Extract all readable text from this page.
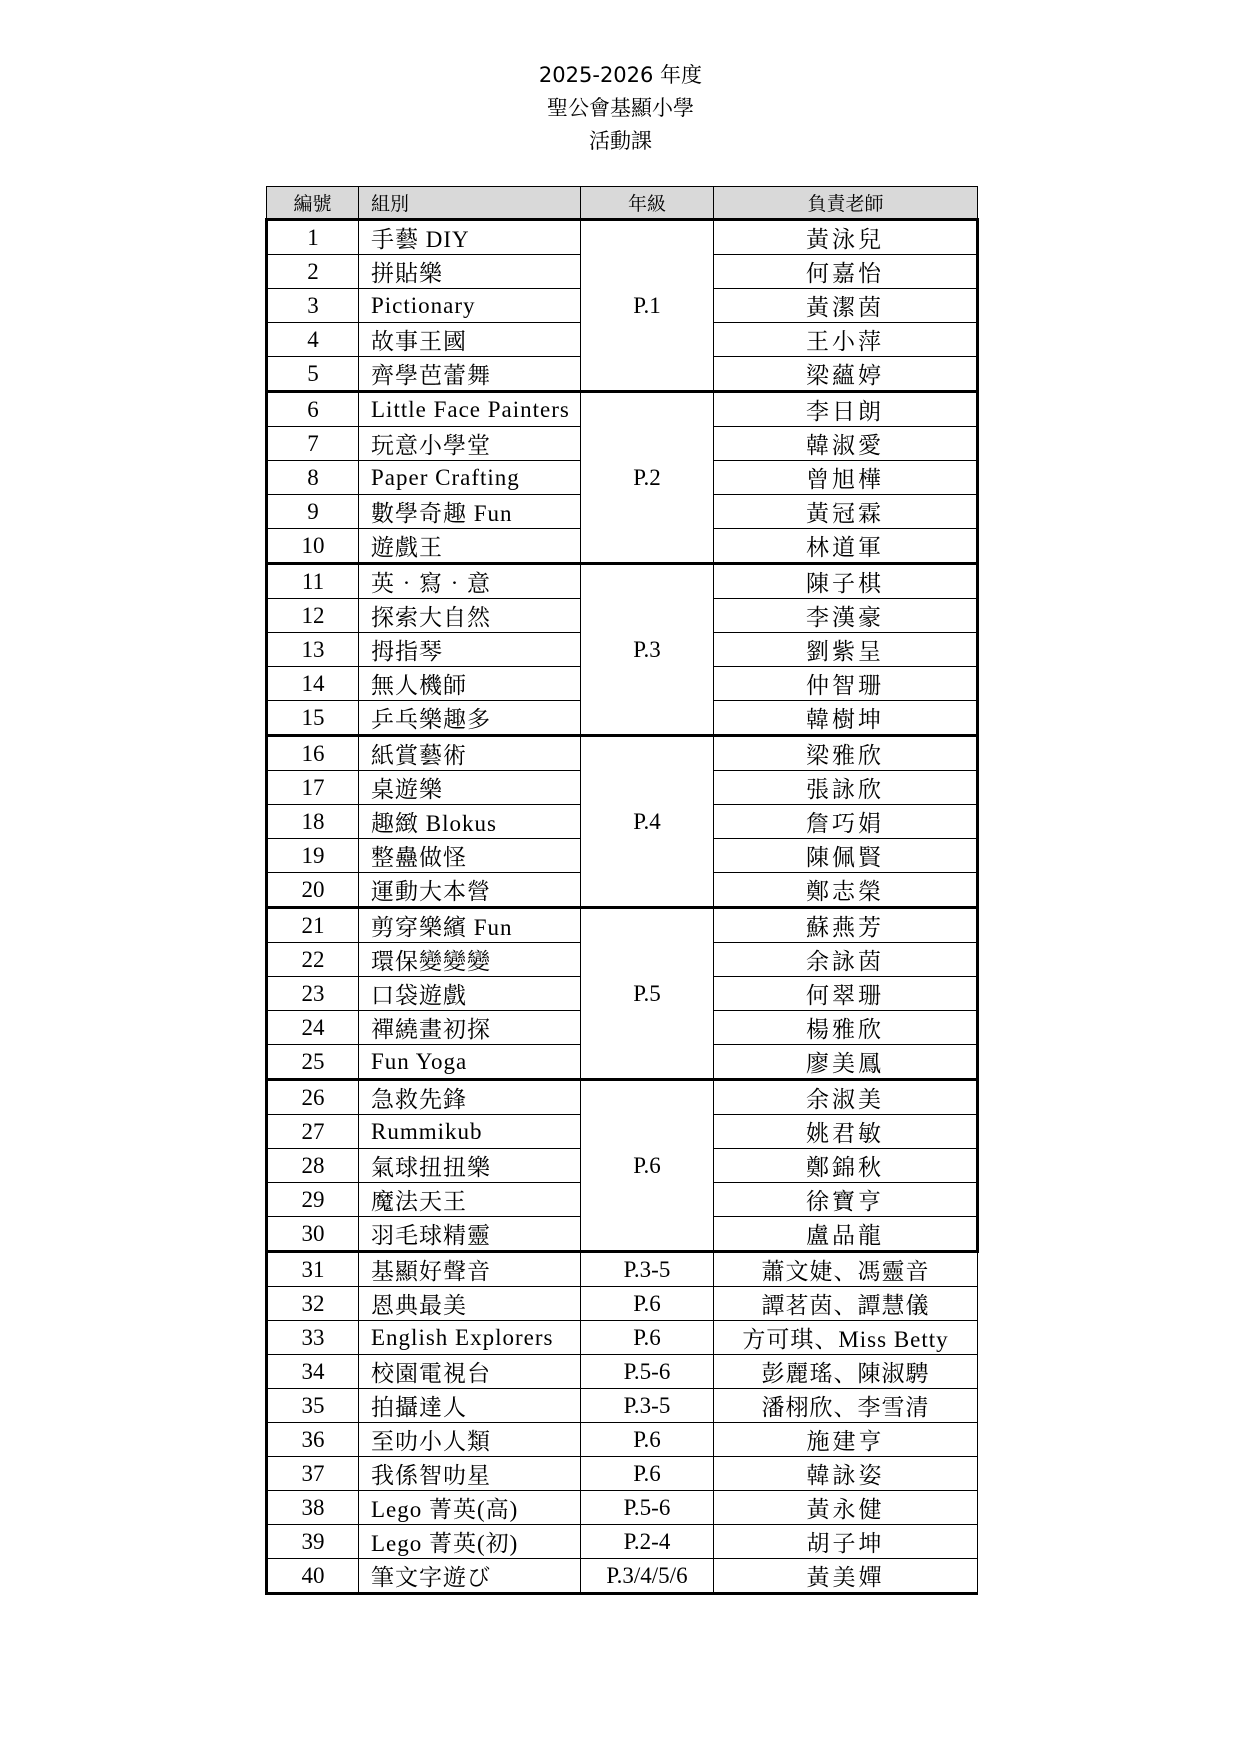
2025-2026 年度
聖公會基顯小學
活動課
編號	組別	年級	負責老師
1	手藝 DIY	P.1	黃泳兒
2	拼貼樂		何嘉怡
3	Pictionary		黃潔茵
4	故事王國		王小萍
5	齊學芭蕾舞		梁蘊婷
6	Little Face Painters	P.2	李日朗
7	玩意小學堂		韓淑愛
8	Paper Crafting		曾旭樺
9	數學奇趣 Fun		黃冠霖
10	遊戲王		林道軍
11	英‧寫‧意	P.3	陳子棋
12	探索大自然		李漢豪
13	拇指琴		劉紫呈
14	無人機師		仲智珊
15	乒乓樂趣多		韓樹坤
16	紙賞藝術	P.4	梁雅欣
17	桌遊樂		張詠欣
18	趣緻 Blokus		詹巧娟
19	整蠱做怪		陳佩賢
20	運動大本營		鄭志榮
21	剪穿樂繽 Fun	P.5	蘇燕芳
22	環保變變變		余詠茵
23	口袋遊戲		何翠珊
24	禪繞畫初探		楊雅欣
25	Fun Yoga		廖美鳳
26	急救先鋒	P.6	余淑美
27	Rummikub		姚君敏
28	氣球扭扭樂		鄭錦秋
29	魔法天王		徐寶亨
30	羽毛球精靈		盧品龍
31	基顯好聲音	P.3-5	蕭文婕、馮靈音
32	恩典最美	P.6	譚茗茵、譚慧儀
33	English Explorers	P.6	方可琪、Miss Betty
34	校園電視台	P.5-6	彭麗瑤、陳淑騁
35	拍攝達人	P.3-5	潘栩欣、李雪清
36	至叻小人類	P.6	施建亨
37	我係智叻星	P.6	韓詠姿
38	Lego 菁英(高)	P.5-6	黃永健
39	Lego 菁英(初)	P.2-4	胡子坤
40	筆文字遊び	P.3/4/5/6	黃美嬋
